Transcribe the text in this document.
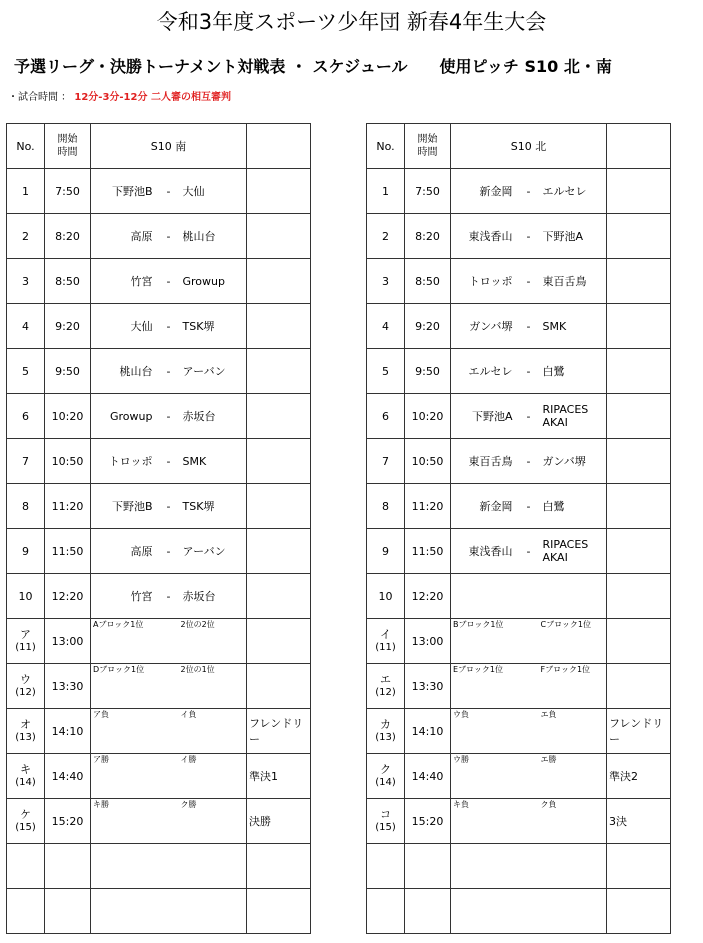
令和3年度スポーツ少年団 新春4年生大会
予選リーグ・決勝トーナメント対戦表 ・ スケジュール　　使用ピッチ S10 北・南
・試合時間 ： 12分-3分-12分 二人審の相互審判
No.	開始
時間	S10 南			
1	7:50	下野池B	-	大仙	
2	8:20	高原	-	桃山台	
3	8:50	竹宮	-	Growup	
4	9:20	大仙	-	TSK堺	
5	9:50	桃山台	-	アーバン	
6	10:20	Growup	-	赤坂台	
7	10:50	トロッポ	-	SMK	
8	11:20	下野池B	-	TSK堺	
9	11:50	高原	-	アーバン	
10	12:20	竹宮	-	赤坂台	

ア
(11)	13:00	Aブロック1位		2位の2位	

ウ
(12)	13:30	Dブロック1位		2位の1位	

オ
(13)	14:10	ア負		イ負	フレンドリー

キ
(14)	14:40	ア勝		イ勝	準決1

ケ
(15)	15:20	キ勝		ク勝	決勝

No.	開始
時間	S10 北			
1	7:50	新金岡	-	エルセレ	
2	8:20	東浅香山	-	下野池A	
3	8:50	トロッポ	-	東百舌鳥	
4	9:20	ガンバ堺	-	SMK	
5	9:50	エルセレ	-	白鷺	
6	10:20	下野池A	-	RIPACES AKAI	
7	10:50	東百舌鳥	-	ガンバ堺	
8	11:20	新金岡	-	白鷺	
9	11:50	東浅香山	-	RIPACES AKAI	
10	12:20				

イ
(11)	13:00	Bブロック1位		Cブロック1位	

エ
(12)	13:30	Eブロック1位		Fブロック1位	

カ
(13)	14:10	ウ負		エ負	フレンドリー

ク
(14)	14:40	ウ勝		エ勝	準決2

コ
(15)	15:20	キ負		ク負	3決
